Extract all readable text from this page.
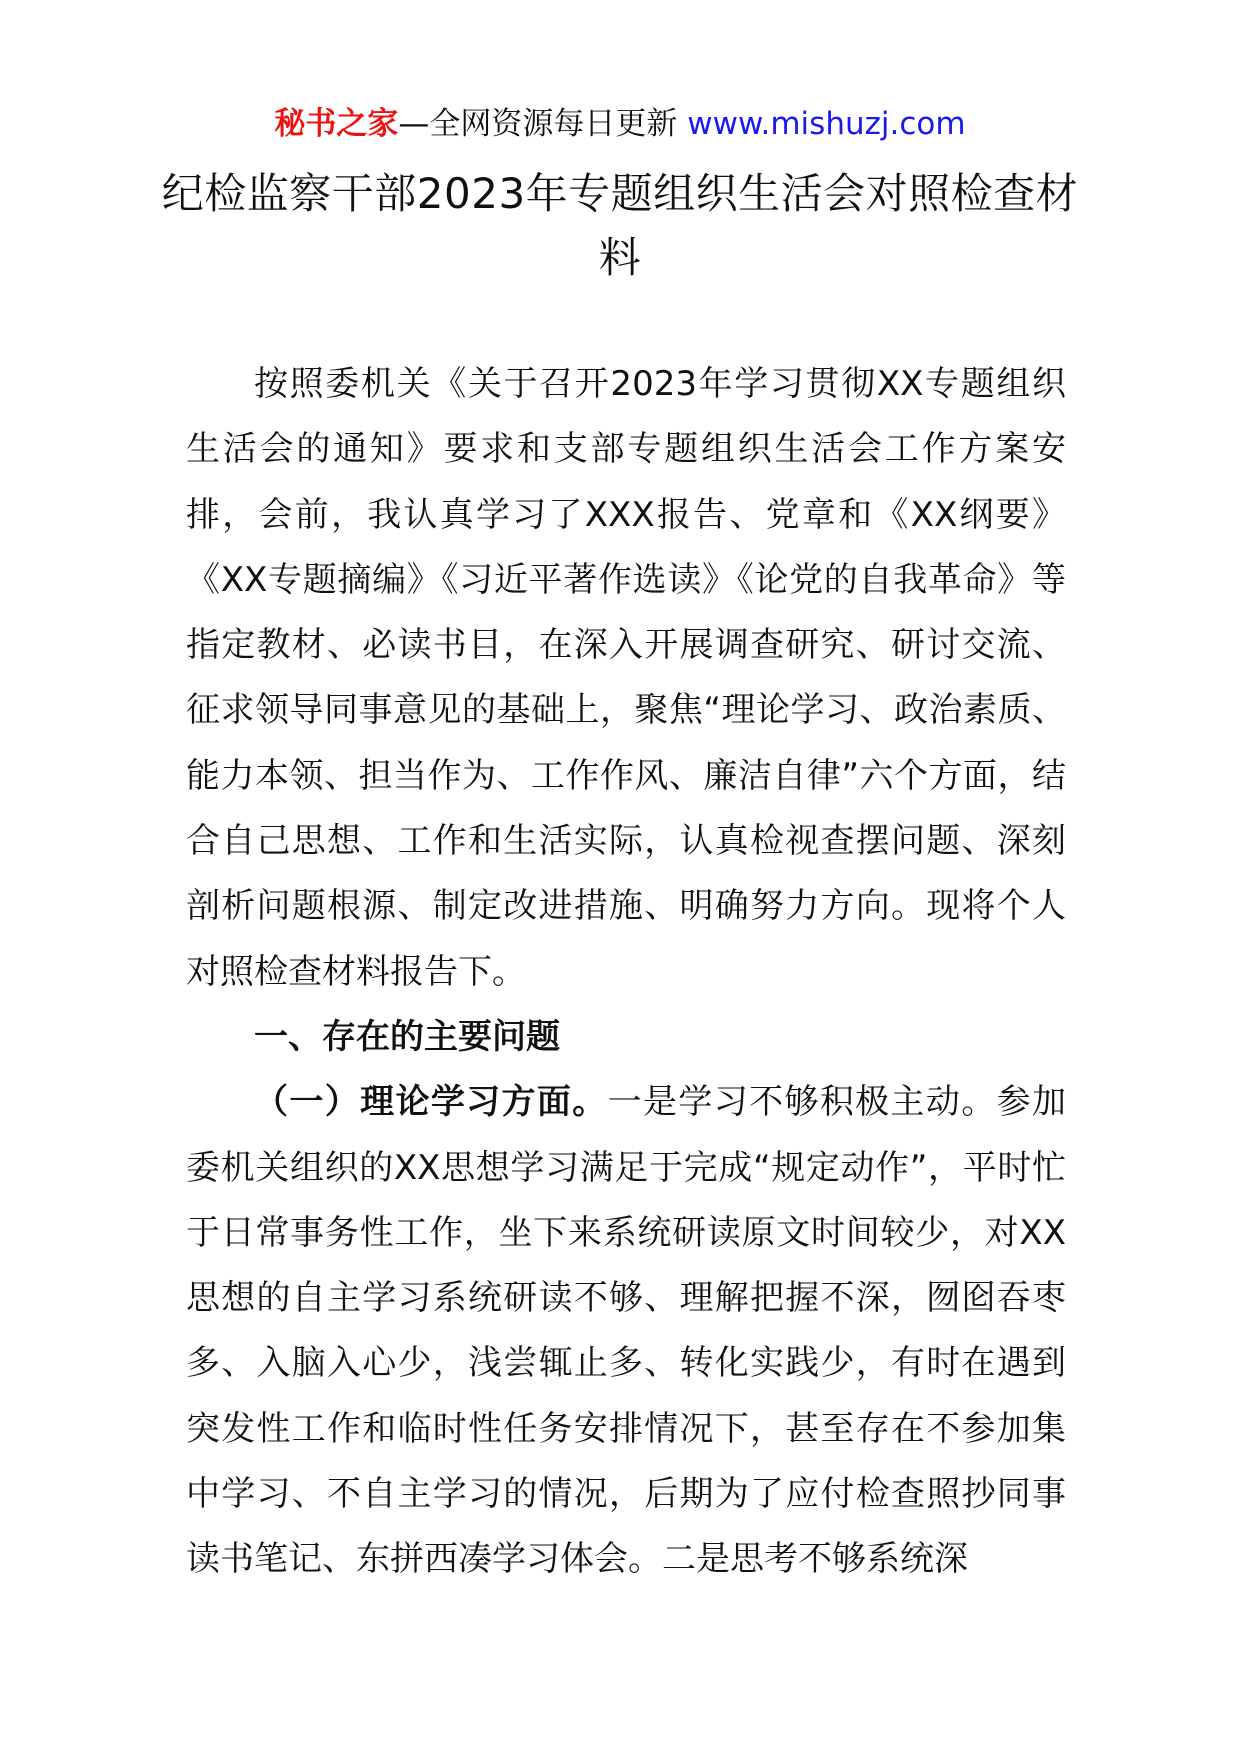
秘书之家—全网资源每日更新 www.mishuzj.com
纪检监察干部2023年专题组织生活会对照检查材料

按照委机关《关于召开2023年学习贯彻XX专题组织生活会的通知》要求和支部专题组织生活会工作方案安排，会前，我认真学习了XXX报告、党章和《XX纲要》《XX专题摘编》《习近平著作选读》《论党的自我革命》等指定教材、必读书目，在深入开展调查研究、研讨交流、征求领导同事意见的基础上，聚焦“理论学习、政治素质、能力本领、担当作为、工作作风、廉洁自律”六个方面，结合自己思想、工作和生活实际，认真检视查摆问题、深刻剖析问题根源、制定改进措施、明确努力方向。现将个人对照检查材料报告下。

一、存在的主要问题

（一）理论学习方面。一是学习不够积极主动。参加委机关组织的XX思想学习满足于完成“规定动作”，平时忙于日常事务性工作，坐下来系统研读原文时间较少，对XX思想的自主学习系统研读不够、理解把握不深，囫囵吞枣多、入脑入心少，浅尝辄止多、转化实践少，有时在遇到突发性工作和临时性任务安排情况下，甚至存在不参加集中学习、不自主学习的情况，后期为了应付检查照抄同事读书笔记、东拼西凑学习体会。二是思考不够系统深
